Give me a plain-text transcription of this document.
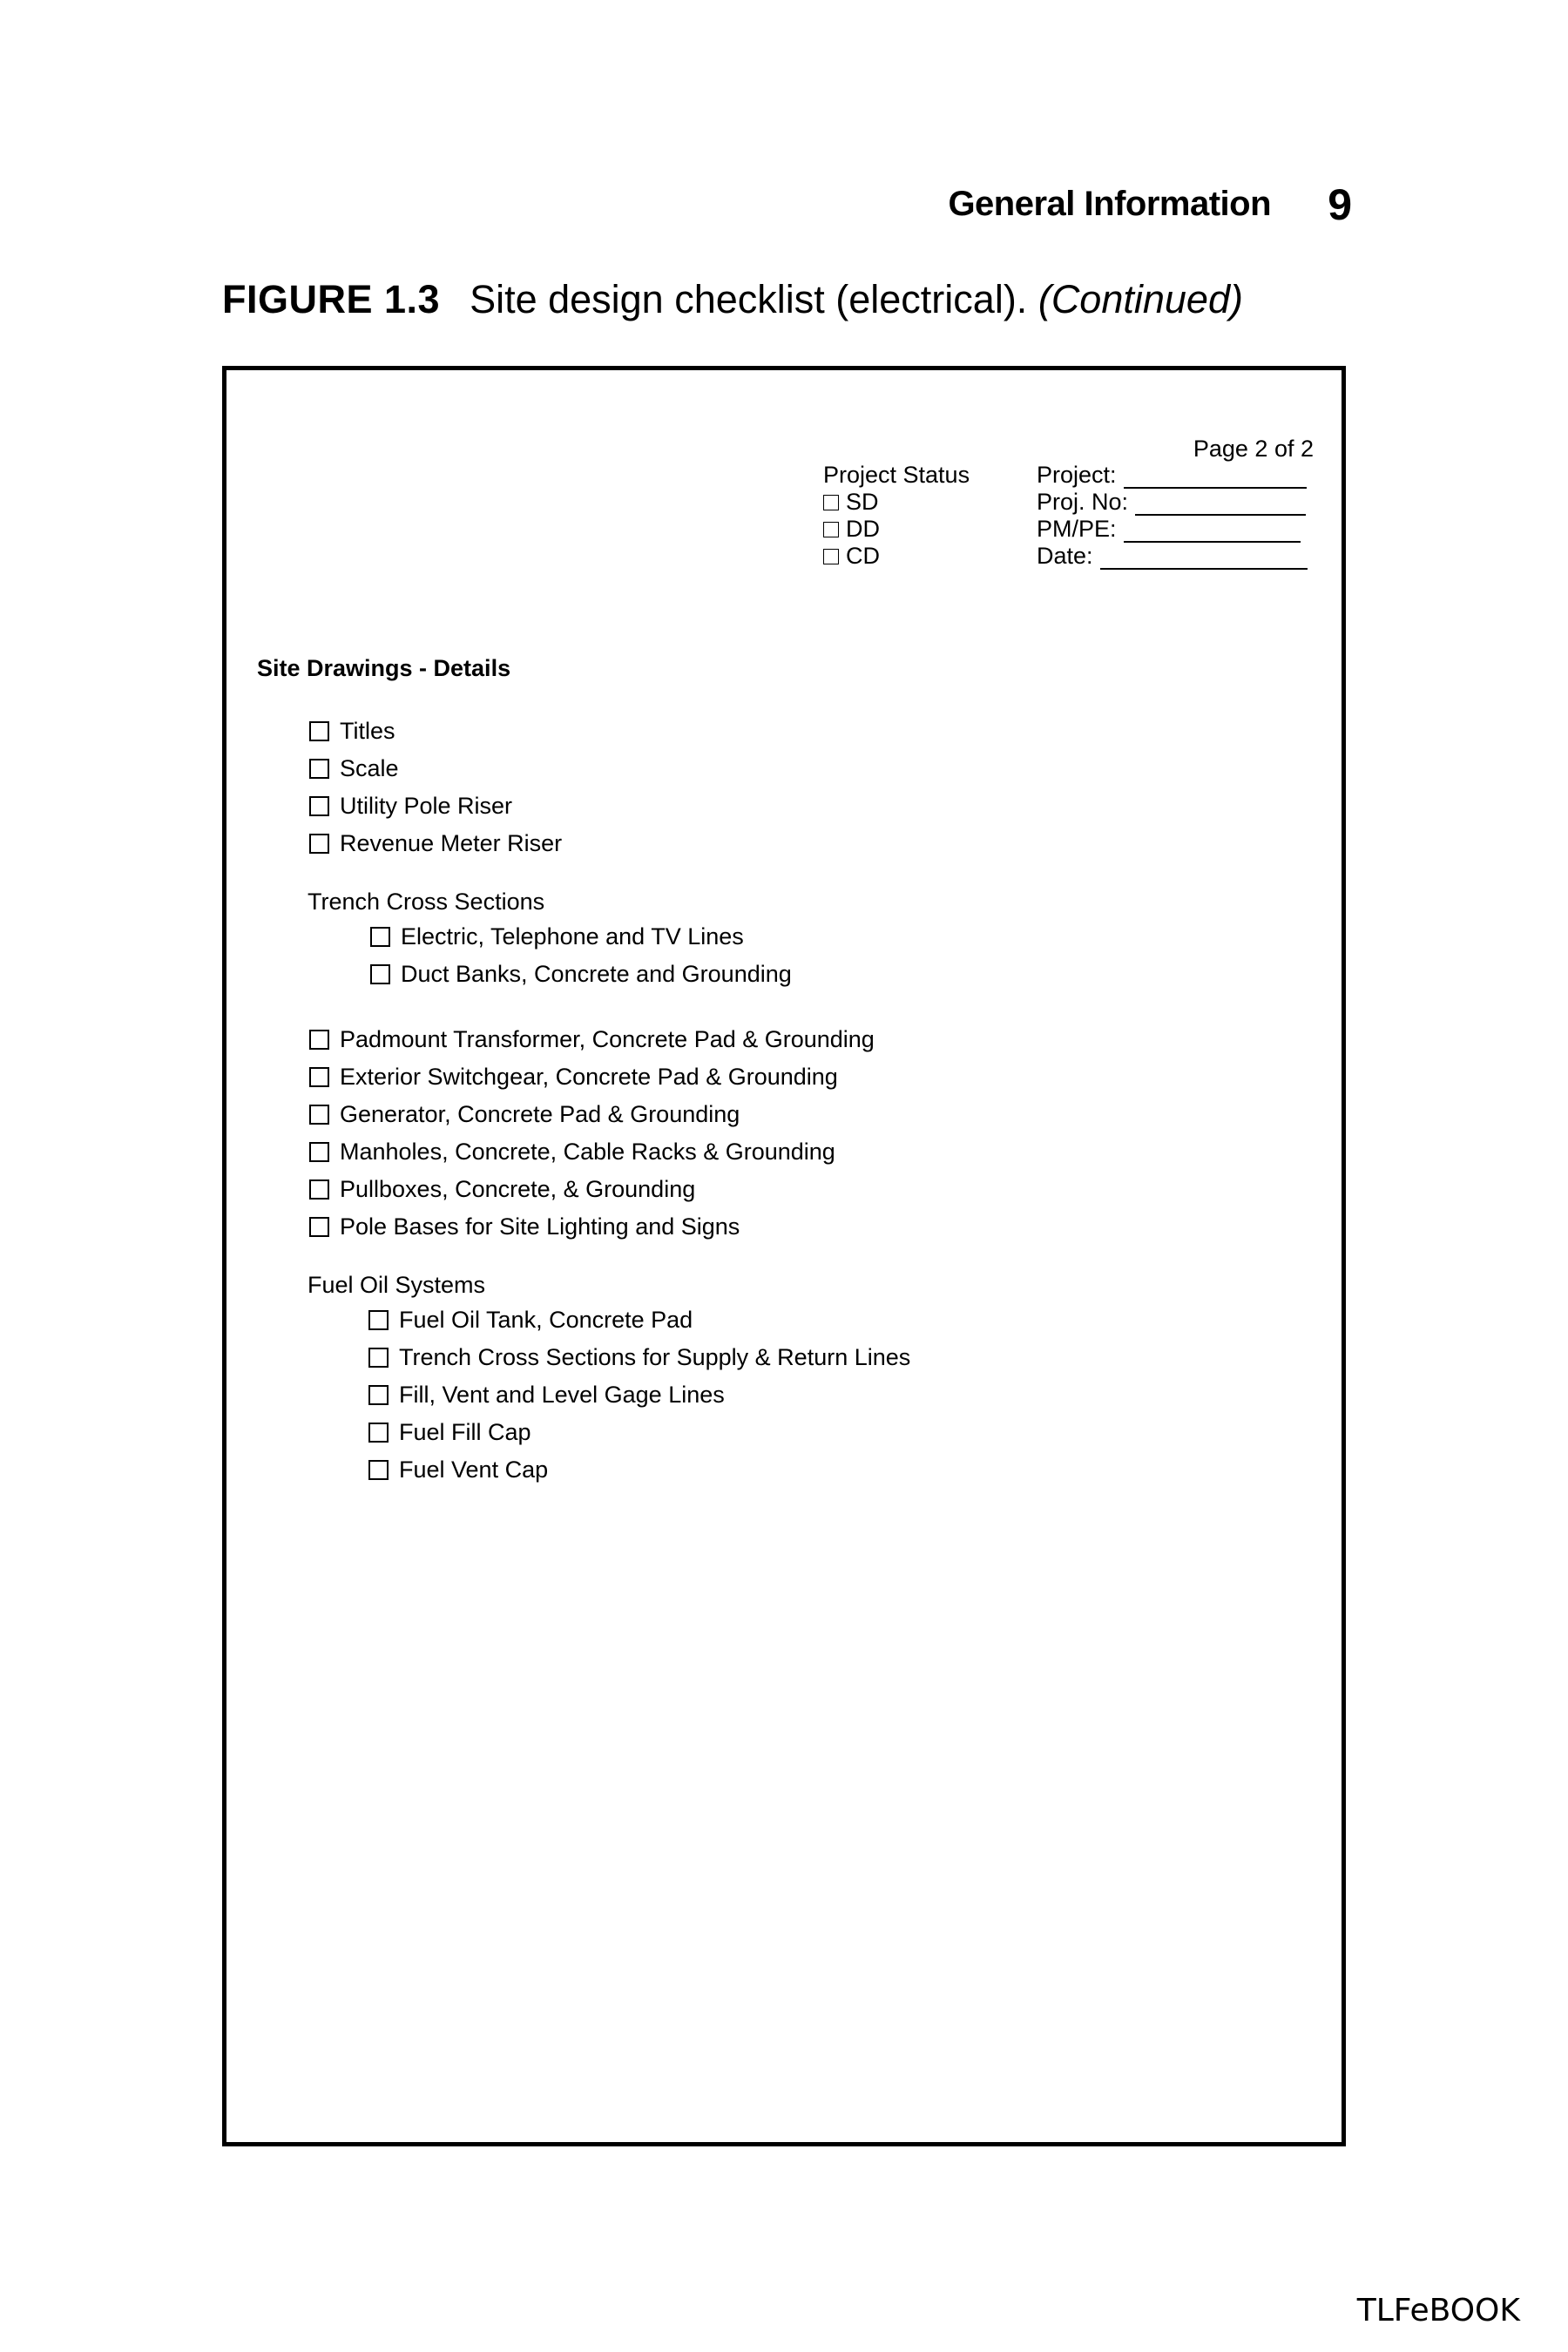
General Information 9
FIGURE 1.3 Site design checklist (electrical). (Continued)
Page 2 of 2
Project Status
SD
DD
CD
Project:
Proj. No:
PM/PE:
Date:
Site Drawings - Details
Titles
Scale
Utility Pole Riser
Revenue Meter Riser
Trench Cross Sections
Electric, Telephone and TV Lines
Duct Banks, Concrete and Grounding
Padmount Transformer, Concrete Pad & Grounding
Exterior Switchgear, Concrete Pad & Grounding
Generator, Concrete Pad & Grounding
Manholes, Concrete, Cable Racks & Grounding
Pullboxes, Concrete, & Grounding
Pole Bases for Site Lighting and Signs
Fuel Oil Systems
Fuel Oil Tank, Concrete Pad
Trench Cross Sections for Supply & Return Lines
Fill, Vent and Level Gage Lines
Fuel Fill Cap
Fuel Vent Cap
TLFeBOOK
